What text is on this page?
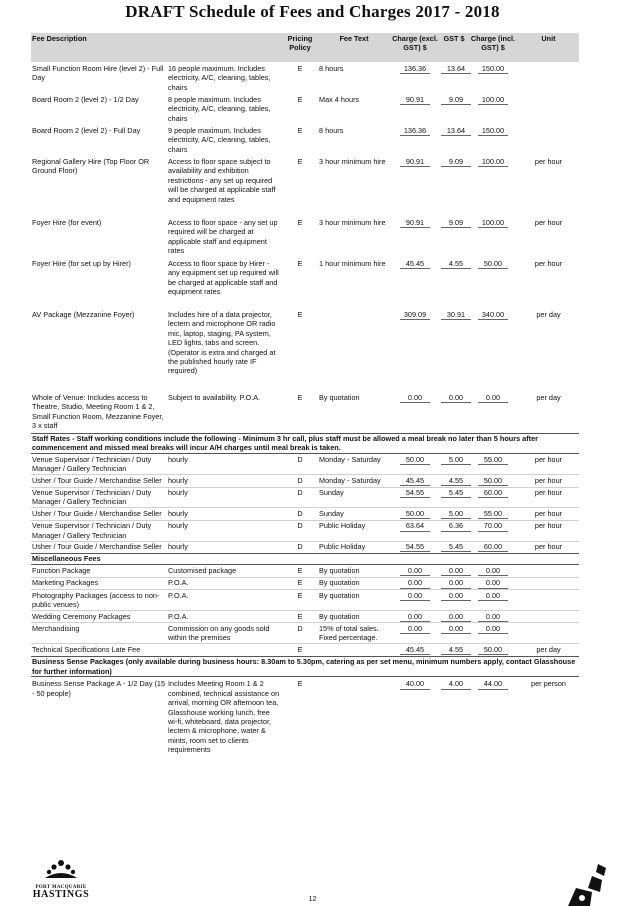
DRAFT Schedule of Fees and Charges 2017 - 2018
Fee Description		Pricing Policy	Fee Text	Charge (excl. GST) $	GST $	Charge (incl. GST) $	Unit
Small Function Room Hire (level 2) - Full Day	16 people maximum. Includes electricity, A/C, cleaning, tables, chairs	E	8 hours	136.36	13.64	150.00	
Board Room 2 (level 2) - 1/2 Day	8 people maximum. Includes electricity, A/C, cleaning, tables, chairs	E	Max 4 hours	90.91	9.09	100.00	
Board Room 2 (level 2) - Full Day	9 people maximum. Includes electricity, A/C, cleaning, tables, chairs	E	8 hours	136.36	13.64	150.00	
Regional Gallery Hire (Top Floor OR Ground Floor)	Access to floor space subject to availability and exhibition restrictions - any set up required will be charged at applicable staff and equipment rates	E	3 hour minimum hire	90.91	9.09	100.00	per hour
Foyer Hire (for event)	Access to floor space - any set up required will be charged at applicable staff and equipment rates	E	3 hour minimum hire	90.91	9.09	100.00	per hour
Foyer Hire (for set up by Hirer)	Access to floor space by Hirer - any equipment set up required will be charged at applicable staff and equipment rates	E	1 hour minimum hire	45.45	4.55	50.00	per hour
AV Package (Mezzanine Foyer)	Includes hire of a data projector, lectern and microphone OR radio mic, laptop, staging, PA system, LED lights, tabs and screen. (Operator is extra and charged at the published hourly rate IF required)	E		309.09	30.91	340.00	per day
Whole of Venue: Includes access to Theatre, Studio, Meeting Room 1 & 2, Small Function Room, Mezzanine Foyer, 3 x staff	Subject to availability. P.O.A.	E	By quotation	0.00	0.00	0.00	per day
Staff Rates - Staff working conditions include the following - Minimum 3 hr call, plus staff must be allowed a meal break no later than 5 hours after commencement and missed meal breaks will incur A/H charges until meal break is taken.							
Venue Supervisor / Technician / Duty Manager / Gallery Technician	hourly	D	Monday - Saturday	50.00	5.00	55.00	per hour
Usher / Tour Guide / Merchandise Seller	hourly	D	Monday - Saturday	45.45	4.55	50.00	per hour
Venue Supervisor / Technician / Duty Manager / Gallery Technician	hourly	D	Sunday	54.55	5.45	60.00	per hour
Usher / Tour Guide / Merchandise Seller	hourly	D	Sunday	50.00	5.00	55.00	per hour
Venue Supervisor / Technician / Duty Manager / Gallery Technician	hourly	D	Public Holiday	63.64	6.36	70.00	per hour
Usher / Tour Guide / Merchandise Seller	hourly	D	Public Holiday	54.55	5.45	60.00	per hour
Miscellaneous Fees							
Function Package	Customised package	E	By quotation	0.00	0.00	0.00	
Marketing Packages	P.O.A.	E	By quotation	0.00	0.00	0.00	
Photography Packages (access to non-public venues)	P.O.A.	E	By quotation	0.00	0.00	0.00	
Wedding Ceremony Packages	P.O.A.	E	By quotation	0.00	0.00	0.00	
Merchandising	Commission on any goods sold within the premises	D	15% of total sales. Fixed percentage.	0.00	0.00	0.00	
Technical Specifications Late Fee		E		45.45	4.55	50.00	per day
Business Sense Packages (only available during business hours: 8.30am to 5.30pm, catering as per set menu, minimum numbers apply, contact Glasshouse for further information)							
Business Sense Package A - 1/2 Day (15 - 50 people)	Includes Meeting Room 1 & 2 combined, technical assistance on arrival, morning OR afternoon tea, Glasshouse working lunch, free wi-fi, whiteboard, data projector, lectern & microphone, water & mints, room set to clients requirements	E		40.00	4.00	44.00	per person
PORT MACQUARIE
HASTINGS	12
